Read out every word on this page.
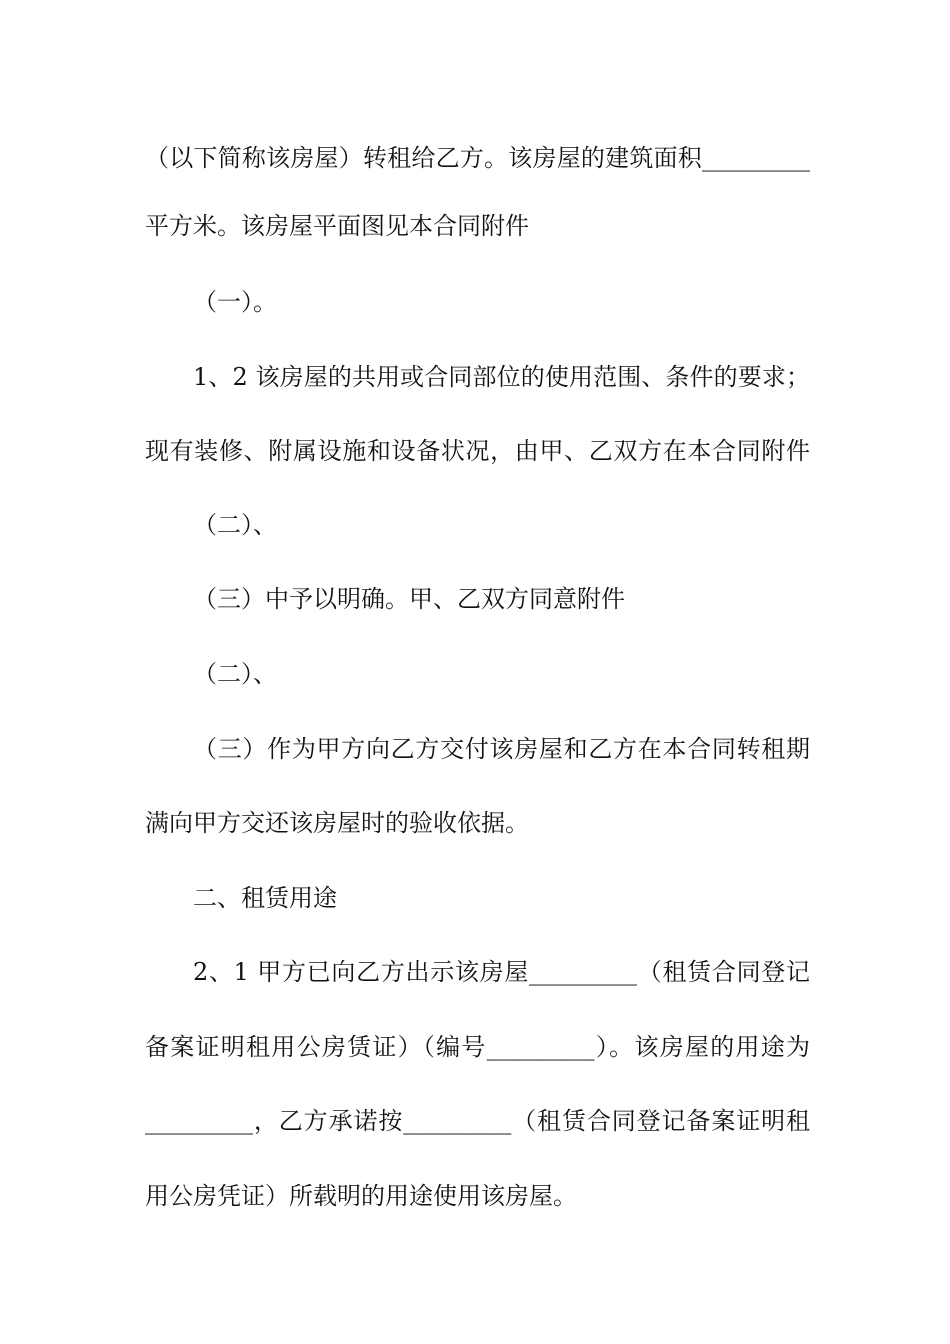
（以下简称该房屋）转租给乙方。该房屋的建筑面积_________
平方米。该房屋平面图见本合同附件
（一）。
1、2 该房屋的共用或合同部位的使用范围、条件的要求；
现有装修、附属设施和设备状况，由甲、乙双方在本合同附件
（二）、
（三）中予以明确。甲、乙双方同意附件
（二）、
（三）作为甲方向乙方交付该房屋和乙方在本合同转租期
满向甲方交还该房屋时的验收依据。
二、租赁用途
2、1 甲方已向乙方出示该房屋_________（租赁合同登记
备案证明租用公房赁证）（编号_________）。该房屋的用途为
_________，乙方承诺按_________（租赁合同登记备案证明租
用公房凭证）所载明的用途使用该房屋。
